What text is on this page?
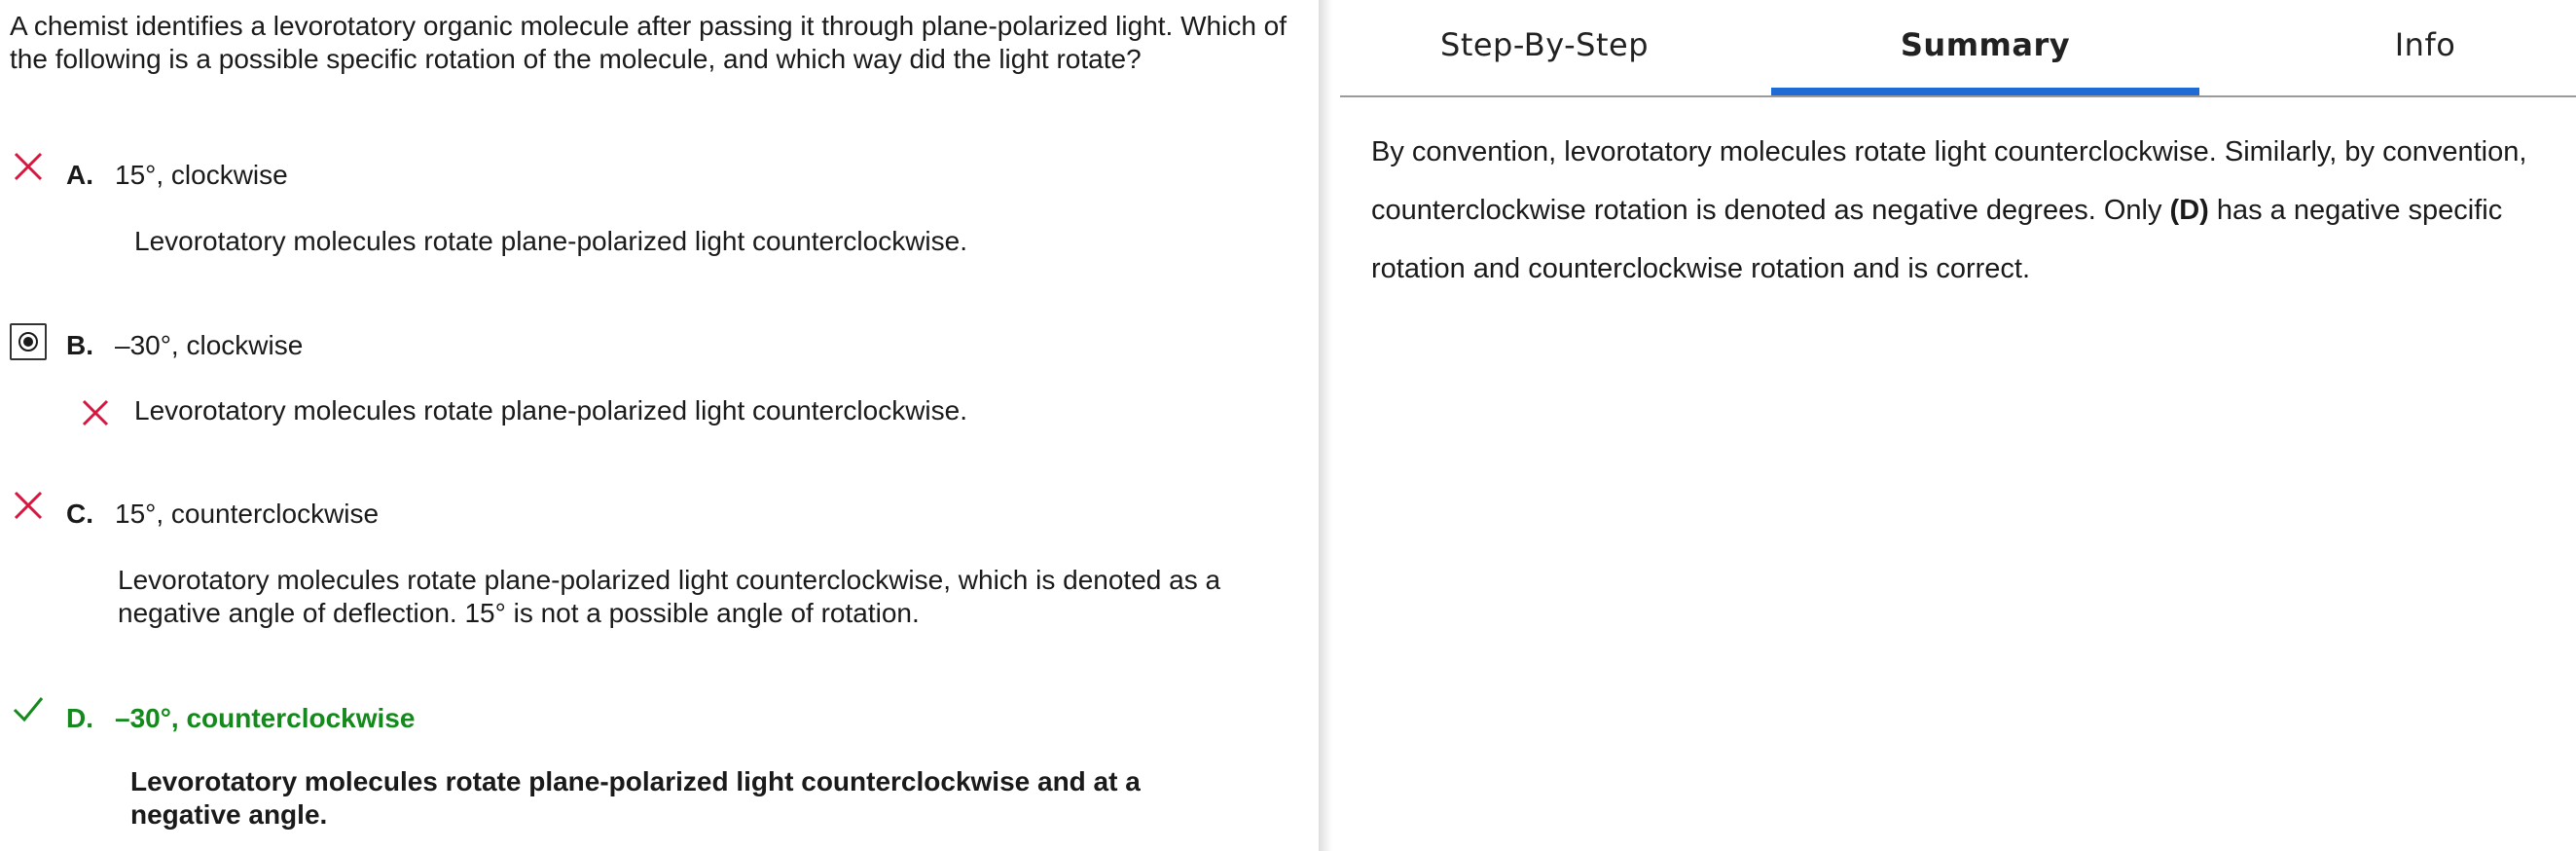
A chemist identifies a levorotatory organic molecule after passing it through plane-polarized light. Which of the following is a possible specific rotation of the molecule, and which way did the light rotate?
A. 15°, clockwise
Levorotatory molecules rotate plane-polarized light counterclockwise.
B. –30°, clockwise
Levorotatory molecules rotate plane-polarized light counterclockwise.
C. 15°, counterclockwise
Levorotatory molecules rotate plane-polarized light counterclockwise, which is denoted as a negative angle of deflection. 15° is not a possible angle of rotation.
D. –30°, counterclockwise
Levorotatory molecules rotate plane-polarized light counterclockwise and at a negative angle.
Step-By-Step	Summary	Info
By convention, levorotatory molecules rotate light counterclockwise. Similarly, by convention, counterclockwise rotation is denoted as negative degrees. Only (D) has a negative specific rotation and counterclockwise rotation and is correct.
